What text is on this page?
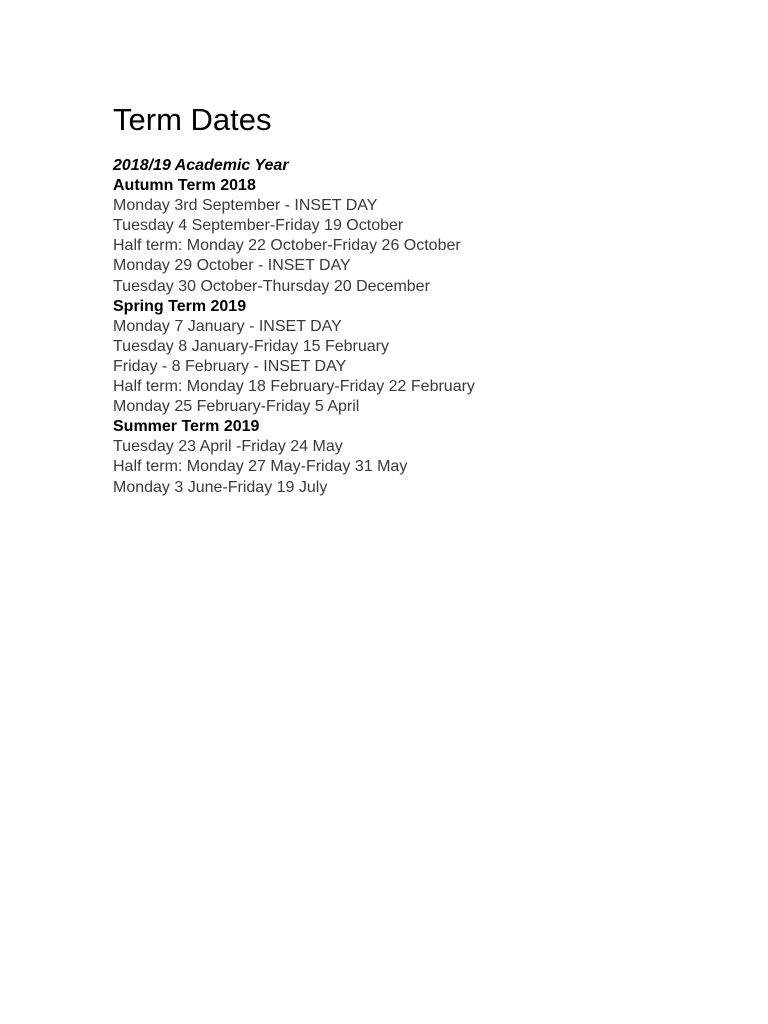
Term Dates
2018/19 Academic Year
Autumn Term 2018
Monday 3rd September - INSET DAY
Tuesday 4 September-Friday 19 October
Half term: Monday 22 October-Friday 26 October
Monday 29 October - INSET DAY
Tuesday 30 October-Thursday 20 December
Spring Term 2019
Monday 7 January - INSET DAY
Tuesday 8 January-Friday 15 February
Friday - 8 February - INSET DAY
Half term: Monday 18 February-Friday 22 February
Monday 25 February-Friday 5 April
Summer Term 2019
Tuesday 23 April -Friday 24 May
Half term: Monday 27 May-Friday 31 May
Monday 3 June-Friday 19 July
